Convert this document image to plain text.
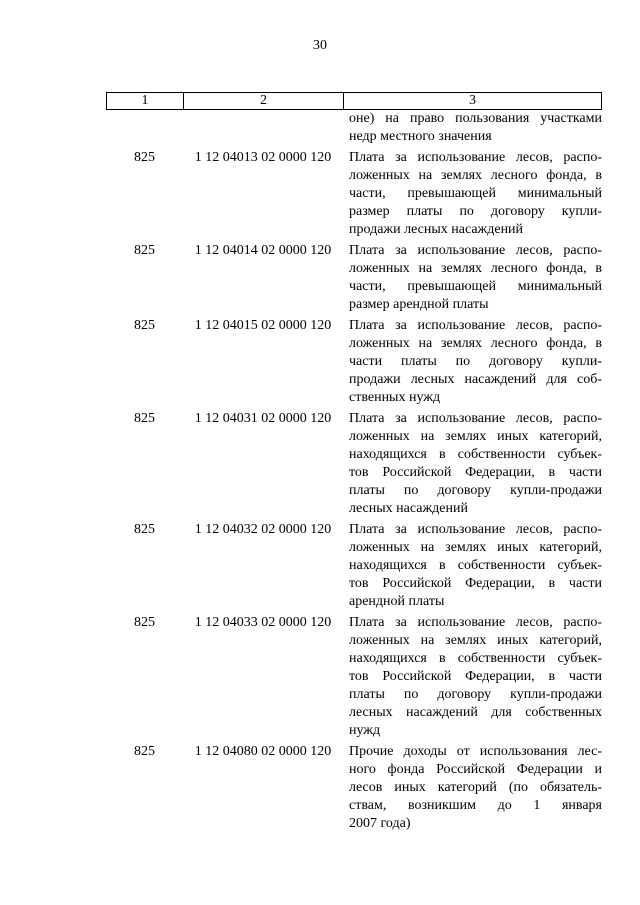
30
1	2	3
оне) на право пользования участками
недр местного значения
825	1 12 04013 02 0000 120	Плата за использование лесов, распо-
ложенных на землях лесного фонда, в
части, превышающей минимальный
размер платы по договору купли-
продажи лесных насаждений
825	1 12 04014 02 0000 120	Плата за использование лесов, распо-
ложенных на землях лесного фонда, в
части, превышающей минимальный
размер арендной платы
825	1 12 04015 02 0000 120	Плата за использование лесов, распо-
ложенных на землях лесного фонда, в
части платы по договору купли-
продажи лесных насаждений для соб-
ственных нужд
825	1 12 04031 02 0000 120	Плата за использование лесов, распо-
ложенных на землях иных категорий,
находящихся в собственности субъек-
тов Российской Федерации, в части
платы по договору купли-продажи
лесных насаждений
825	1 12 04032 02 0000 120	Плата за использование лесов, распо-
ложенных на землях иных категорий,
находящихся в собственности субъек-
тов Российской Федерации, в части
арендной платы
825	1 12 04033 02 0000 120	Плата за использование лесов, распо-
ложенных на землях иных категорий,
находящихся в собственности субъек-
тов Российской Федерации, в части
платы по договору купли-продажи
лесных насаждений для собственных
нужд
825	1 12 04080 02 0000 120	Прочие доходы от использования лес-
ного фонда Российской Федерации и
лесов иных категорий (по обязатель-
ствам, возникшим до 1 января
2007 года)
